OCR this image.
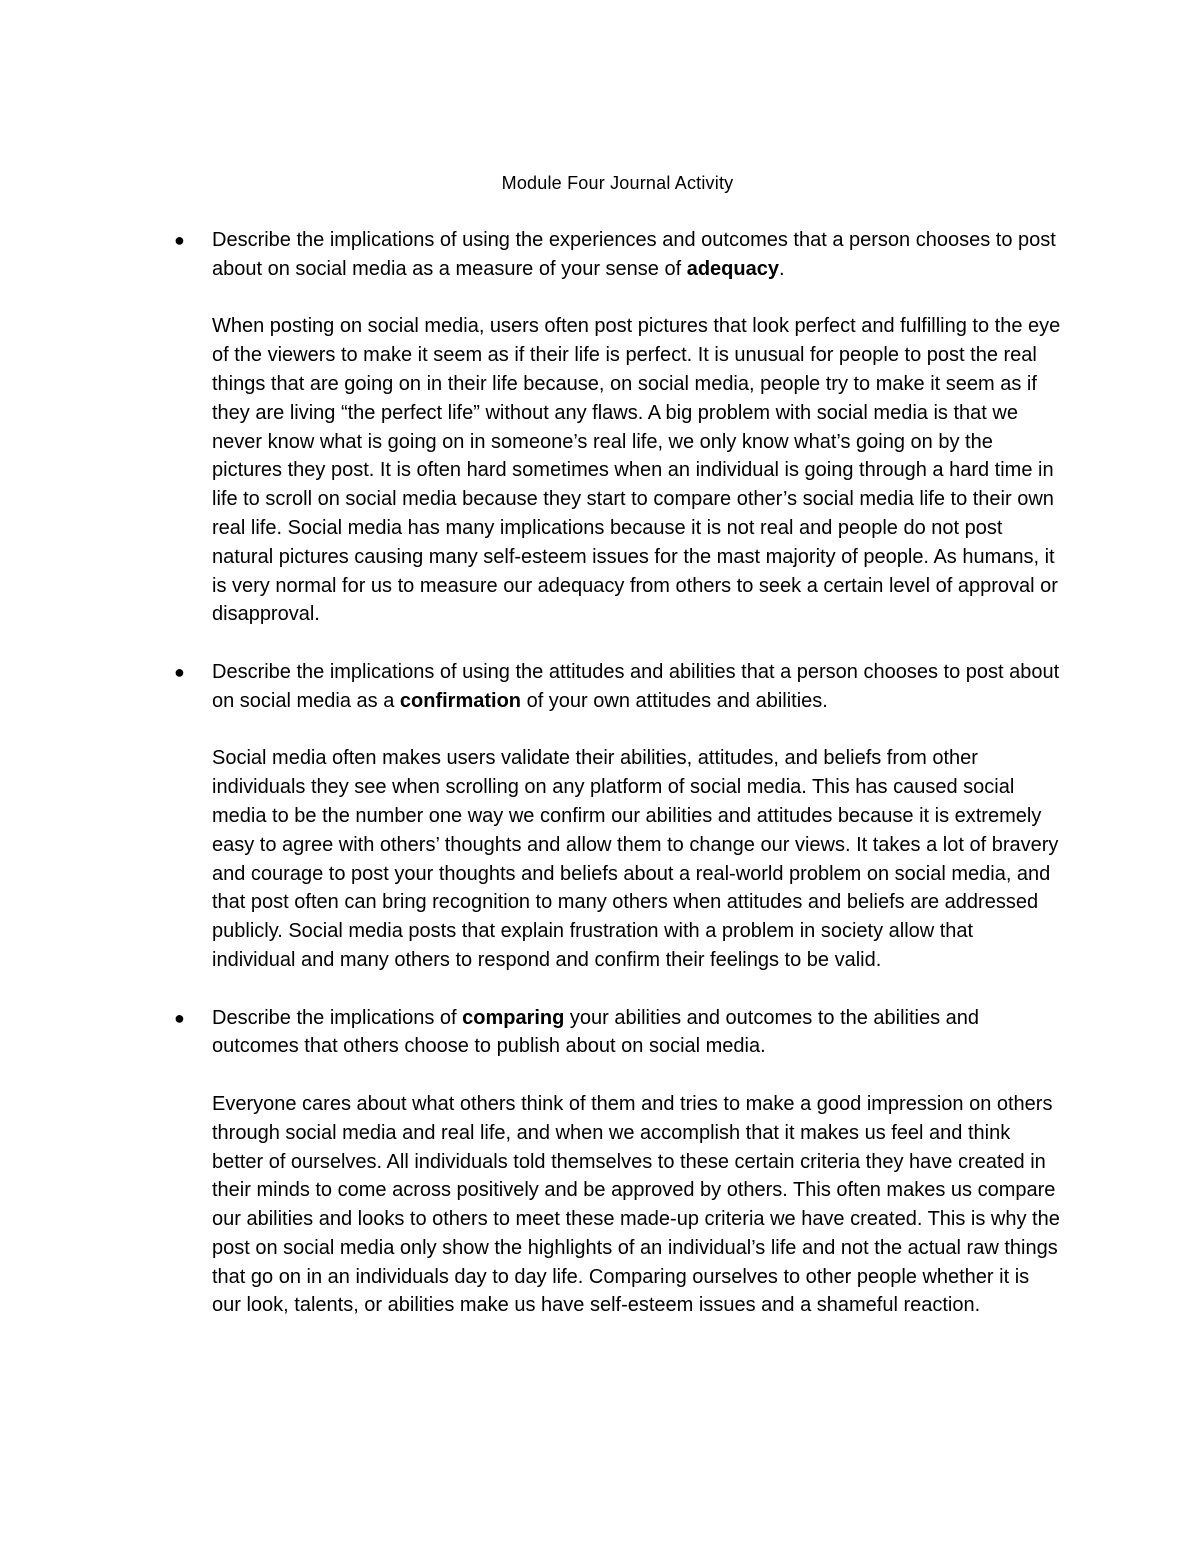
Module Four Journal Activity
● Describe the implications of using the experiences and outcomes that a person chooses to post about on social media as a measure of your sense of adequacy.

When posting on social media, users often post pictures that look perfect and fulfilling to the eye of the viewers to make it seem as if their life is perfect. It is unusual for people to post the real things that are going on in their life because, on social media, people try to make it seem as if they are living “the perfect life” without any flaws. A big problem with social media is that we never know what is going on in someone’s real life, we only know what’s going on by the pictures they post. It is often hard sometimes when an individual is going through a hard time in life to scroll on social media because they start to compare other’s social media life to their own real life. Social media has many implications because it is not real and people do not post natural pictures causing many self-esteem issues for the mast majority of people. As humans, it is very normal for us to measure our adequacy from others to seek a certain level of approval or disapproval.

● Describe the implications of using the attitudes and abilities that a person chooses to post about on social media as a confirmation of your own attitudes and abilities.

Social media often makes users validate their abilities, attitudes, and beliefs from other individuals they see when scrolling on any platform of social media. This has caused social media to be the number one way we confirm our abilities and attitudes because it is extremely easy to agree with others’ thoughts and allow them to change our views. It takes a lot of bravery and courage to post your thoughts and beliefs about a real-world problem on social media, and that post often can bring recognition to many others when attitudes and beliefs are addressed publicly. Social media posts that explain frustration with a problem in society allow that individual and many others to respond and confirm their feelings to be valid.

● Describe the implications of comparing your abilities and outcomes to the abilities and outcomes that others choose to publish about on social media.

Everyone cares about what others think of them and tries to make a good impression on others through social media and real life, and when we accomplish that it makes us feel and think better of ourselves. All individuals told themselves to these certain criteria they have created in their minds to come across positively and be approved by others. This often makes us compare our abilities and looks to others to meet these made-up criteria we have created. This is why the post on social media only show the highlights of an individual’s life and not the actual raw things that go on in an individuals day to day life. Comparing ourselves to other people whether it is our look, talents, or abilities make us have self-esteem issues and a shameful reaction.
